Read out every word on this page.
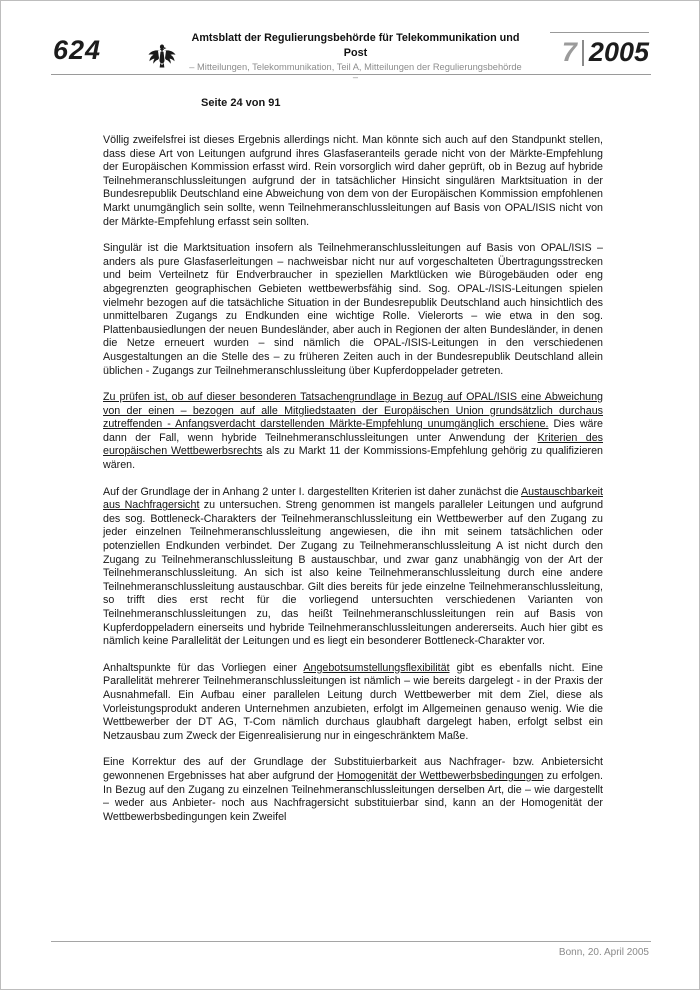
624	Amtsblatt der Regulierungsbehörde für Telekommunikation und Post
– Mitteilungen, Telekommunikation, Teil A, Mitteilungen der Regulierungsbehörde –
7 2005
Seite 24 von 91

Völlig zweifelsfrei ist dieses Ergebnis allerdings nicht. Man könnte sich auch auf den Standpunkt stellen, dass diese Art von Leitungen aufgrund ihres Glasfaseranteils gerade nicht von der Märkte-Empfehlung der Europäischen Kommission erfasst wird. Rein vorsorglich wird daher geprüft, ob in Bezug auf hybride Teilnehmeranschlussleitungen aufgrund der in tatsächlicher Hinsicht singulären Marktsituation in der Bundesrepublik Deutschland eine Abweichung von dem von der Europäischen Kommission empfohlenen Markt unumgänglich sein sollte, wenn Teilnehmeranschlussleitungen auf Basis von OPAL/ISIS nicht von der Märkte-Empfehlung erfasst sein sollten.

Singulär ist die Marktsituation insofern als Teilnehmeranschlussleitungen auf Basis von OPAL/ISIS – anders als pure Glasfaserleitungen – nachweisbar nicht nur auf vorgeschalteten Übertragungsstrecken und beim Verteilnetz für Endverbraucher in speziellen Marktlücken wie Bürogebäuden oder eng abgegrenzten geographischen Gebieten wettbewerbsfähig sind. Sog. OPAL-/ISIS-Leitungen spielen vielmehr bezogen auf die tatsächliche Situation in der Bundesrepublik Deutschland auch hinsichtlich des unmittelbaren Zugangs zu Endkunden eine wichtige Rolle. Vielerorts – wie etwa in den sog. Plattenbausiedlungen der neuen Bundesländer, aber auch in Regionen der alten Bundesländer, in denen die Netze erneuert wurden – sind nämlich die OPAL-/ISIS-Leitungen in den verschiedenen Ausgestaltungen an die Stelle des – zu früheren Zeiten auch in der Bundesrepublik Deutschland allein üblichen - Zugangs zur Teilnehmeranschlussleitung über Kupferdoppelader getreten.

Zu prüfen ist, ob auf dieser besonderen Tatsachengrundlage in Bezug auf OPAL/ISIS eine Abweichung von der einen – bezogen auf alle Mitgliedstaaten der Europäischen Union grundsätzlich durchaus zutreffenden - Anfangsverdacht darstellenden Märkte-Empfehlung unumgänglich erschiene. Dies wäre dann der Fall, wenn hybride Teilnehmeranschlussleitungen unter Anwendung der Kriterien des europäischen Wettbewerbsrechts als zu Markt 11 der Kommissions-Empfehlung gehörig zu qualifizieren wären.

Auf der Grundlage der in Anhang 2 unter I. dargestellten Kriterien ist daher zunächst die Austauschbarkeit aus Nachfragersicht zu untersuchen. Streng genommen ist mangels paralleler Leitungen und aufgrund des sog. Bottleneck-Charakters der Teilnehmeranschlussleitung ein Wettbewerber auf den Zugang zu jeder einzelnen Teilnehmeranschlussleitung angewiesen, die ihn mit seinem tatsächlichen oder potenziellen Endkunden verbindet. Der Zugang zu Teilnehmeranschlussleitung A ist nicht durch den Zugang zu Teilnehmeranschlussleitung B austauschbar, und zwar ganz unabhängig von der Art der Teilnehmeranschlussleitung. An sich ist also keine Teilnehmeranschlussleitung durch eine andere Teilnehmeranschlussleitung austauschbar. Gilt dies bereits für jede einzelne Teilnehmeranschlussleitung, so trifft dies erst recht für die vorliegend untersuchten verschiedenen Varianten von Teilnehmeranschlussleitungen zu, das heißt Teilnehmeranschlussleitungen rein auf Basis von Kupferdoppeladern einerseits und hybride Teilnehmeranschlussleitungen andererseits. Auch hier gibt es nämlich keine Parallelität der Leitungen und es liegt ein besonderer Bottleneck-Charakter vor.

Anhaltspunkte für das Vorliegen einer Angebotsumstellungsflexibilität gibt es ebenfalls nicht. Eine Parallelität mehrerer Teilnehmeranschlussleitungen ist nämlich – wie bereits dargelegt - in der Praxis der Ausnahmefall. Ein Aufbau einer parallelen Leitung durch Wettbewerber mit dem Ziel, diese als Vorleistungsprodukt anderen Unternehmen anzubieten, erfolgt im Allgemeinen genauso wenig. Wie die Wettbewerber der DT AG, T-Com nämlich durchaus glaubhaft dargelegt haben, erfolgt selbst ein Netzausbau zum Zweck der Eigenrealisierung nur in eingeschränktem Maße.

Eine Korrektur des auf der Grundlage der Substituierbarkeit aus Nachfrager- bzw. Anbietersicht gewonnenen Ergebnisses hat aber aufgrund der Homogenität der Wettbewerbsbedingungen zu erfolgen. In Bezug auf den Zugang zu einzelnen Teilnehmeranschlussleitungen derselben Art, die – wie dargestellt – weder aus Anbieter- noch aus Nachfragersicht substituierbar sind, kann an der Homogenität der Wettbewerbsbedingungen kein Zweifel

Bonn, 20. April 2005
